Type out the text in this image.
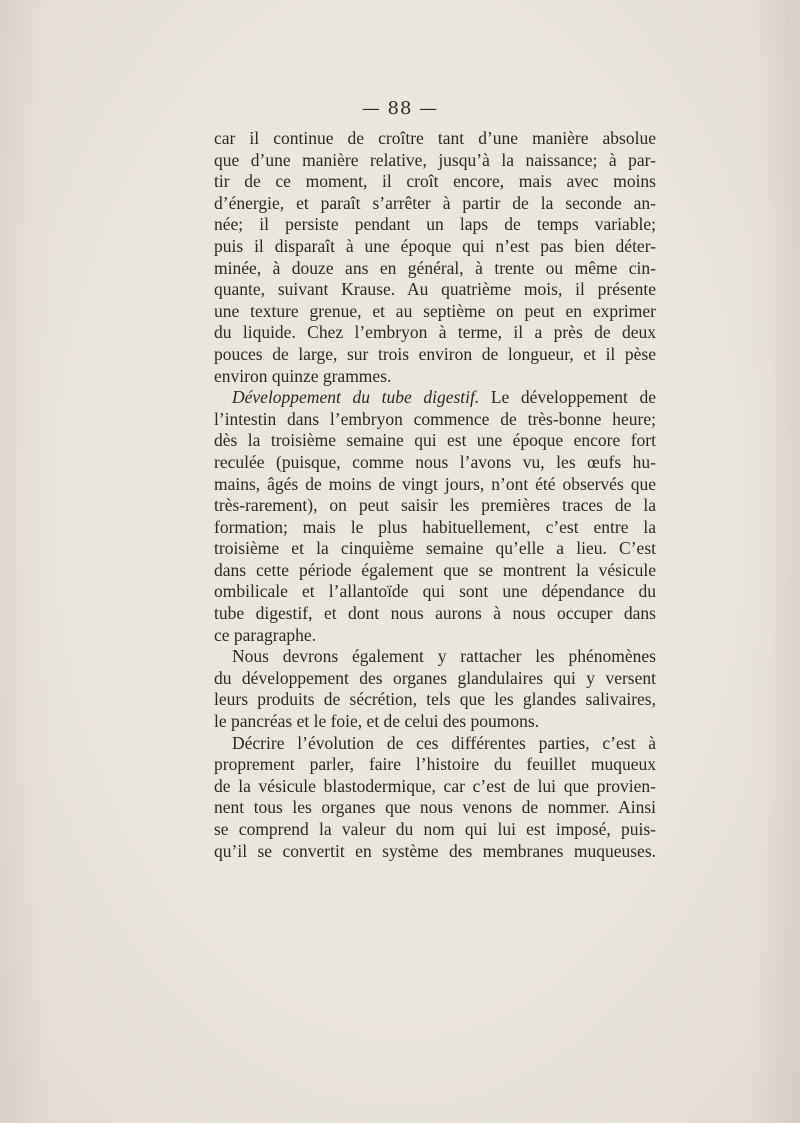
— 88 —
car il continue de croître tant d’une manière absolue
que d’une manière relative, jusqu’à la naissance; à par-
tir de ce moment, il croît encore, mais avec moins
d’énergie, et paraît s’arrêter à partir de la seconde an-
née; il persiste pendant un laps de temps variable;
puis il disparaît à une époque qui n’est pas bien déter-
minée, à douze ans en général, à trente ou même cin-
quante, suivant Krause. Au quatrième mois, il présente
une texture grenue, et au septième on peut en exprimer
du liquide. Chez l’embryon à terme, il a près de deux
pouces de large, sur trois environ de longueur, et il pèse
environ quinze grammes.
Développement du tube digestif. Le développement de
l’intestin dans l’embryon commence de très-bonne heure;
dès la troisième semaine qui est une époque encore fort
reculée (puisque, comme nous l’avons vu, les œufs hu-
mains, âgés de moins de vingt jours, n’ont été observés que
très-rarement), on peut saisir les premières traces de la
formation; mais le plus habituellement, c’est entre la
troisième et la cinquième semaine qu’elle a lieu. C’est
dans cette période également que se montrent la vésicule
ombilicale et l’allantoïde qui sont une dépendance du
tube digestif, et dont nous aurons à nous occuper dans
ce paragraphe.
Nous devrons également y rattacher les phénomènes
du développement des organes glandulaires qui y versent
leurs produits de sécrétion, tels que les glandes salivaires,
le pancréas et le foie, et de celui des poumons.
Décrire l’évolution de ces différentes parties, c’est à
proprement parler, faire l’histoire du feuillet muqueux
de la vésicule blastodermique, car c’est de lui que provien-
nent tous les organes que nous venons de nommer. Ainsi
se comprend la valeur du nom qui lui est imposé, puis-
qu’il se convertit en système des membranes muqueuses.
